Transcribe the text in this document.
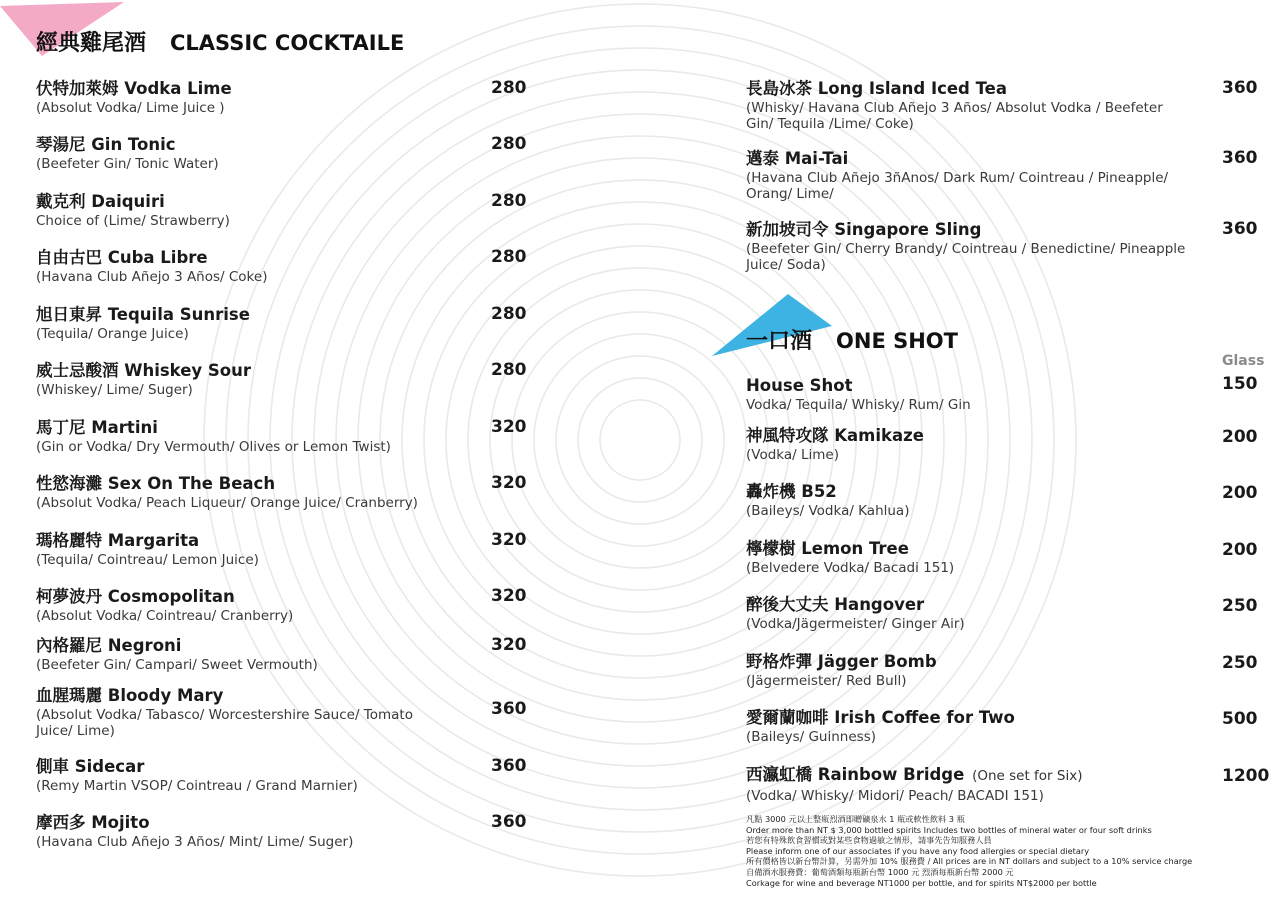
經典雞尾酒 CLASSIC COCKTAILE
一口酒 ONE SHOT
Glass
伏特加萊姆 Vodka Lime
(Absolut Vodka/ Lime Juice )
280
琴湯尼 Gin Tonic
(Beefeter Gin/ Tonic Water)
280
戴克利 Daiquiri
Choice of (Lime/ Strawberry)
280
自由古巴 Cuba Libre
(Havana Club Añejo 3 Años/ Coke)
280
旭日東昇 Tequila Sunrise
(Tequila/ Orange Juice)
280
威士忌酸酒 Whiskey Sour
(Whiskey/ Lime/ Suger)
280
馬丁尼 Martini
(Gin or Vodka/ Dry Vermouth/ Olives or Lemon Twist)
320
性慾海灘 Sex On The Beach
(Absolut Vodka/ Peach Liqueur/ Orange Juice/ Cranberry)
320
瑪格麗特 Margarita
(Tequila/ Cointreau/ Lemon Juice)
320
柯夢波丹 Cosmopolitan
(Absolut Vodka/ Cointreau/ Cranberry)
320
內格羅尼 Negroni
(Beefeter Gin/ Campari/ Sweet Vermouth)
320
血腥瑪麗 Bloody Mary
(Absolut Vodka/ Tabasco/ Worcestershire Sauce/ Tomato Juice/ Lime)
360
側車 Sidecar
(Remy Martin VSOP/ Cointreau / Grand Marnier)
360
摩西多 Mojito
(Havana Club Añejo 3 Años/ Mint/ Lime/ Suger)
360
長島冰茶 Long Island Iced Tea
(Whisky/ Havana Club Añejo 3 Años/ Absolut Vodka / Beefeter Gin/ Tequila /Lime/ Coke)
360
邁泰 Mai-Tai
(Havana Club Añejo 3ñAnos/ Dark Rum/ Cointreau / Pineapple/ Orang/ Lime/
360
新加坡司令 Singapore Sling
(Beefeter Gin/ Cherry Brandy/ Cointreau / Benedictine/ Pineapple Juice/ Soda)
360
House Shot
Vodka/ Tequila/ Whisky/ Rum/ Gin
150
神風特攻隊 Kamikaze
(Vodka/ Lime)
200
轟炸機 B52
(Baileys/ Vodka/ Kahlua)
200
檸檬樹 Lemon Tree
(Belvedere Vodka/ Bacadi 151)
200
醉後大丈夫 Hangover
(Vodka/Jägermeister/ Ginger Air)
250
野格炸彈 Jägger Bomb
(Jägermeister/ Red Bull)
250
愛爾蘭咖啡 Irish Coffee for Two
(Baileys/ Guinness)
500
西瀛虹橋 Rainbow Bridge (One set for Six)
(Vodka/ Whisky/ Midori/ Peach/ BACADI 151)
1200
凡點 3000 元以上整瓶烈酒即贈礦泉水 1 瓶或軟性飲料 3 瓶
Order more than NT $ 3,000 bottled spirits Includes two bottles of mineral water or four soft drinks
若您有特殊飲食習慣或對某些食物過敏之情形，請事先告知服務人員
Please inform one of our associates if you have any food allergies or special dietary
所有價格皆以新台幣計算，另需外加 10% 服務費 / All prices are in NT dollars and subject to a 10% service charge
自備酒水服務費：葡萄酒類每瓶新台幣 1000 元 烈酒每瓶新台幣 2000 元
Corkage for wine and beverage NT1000 per bottle, and for spirits NT$2000 per bottle
